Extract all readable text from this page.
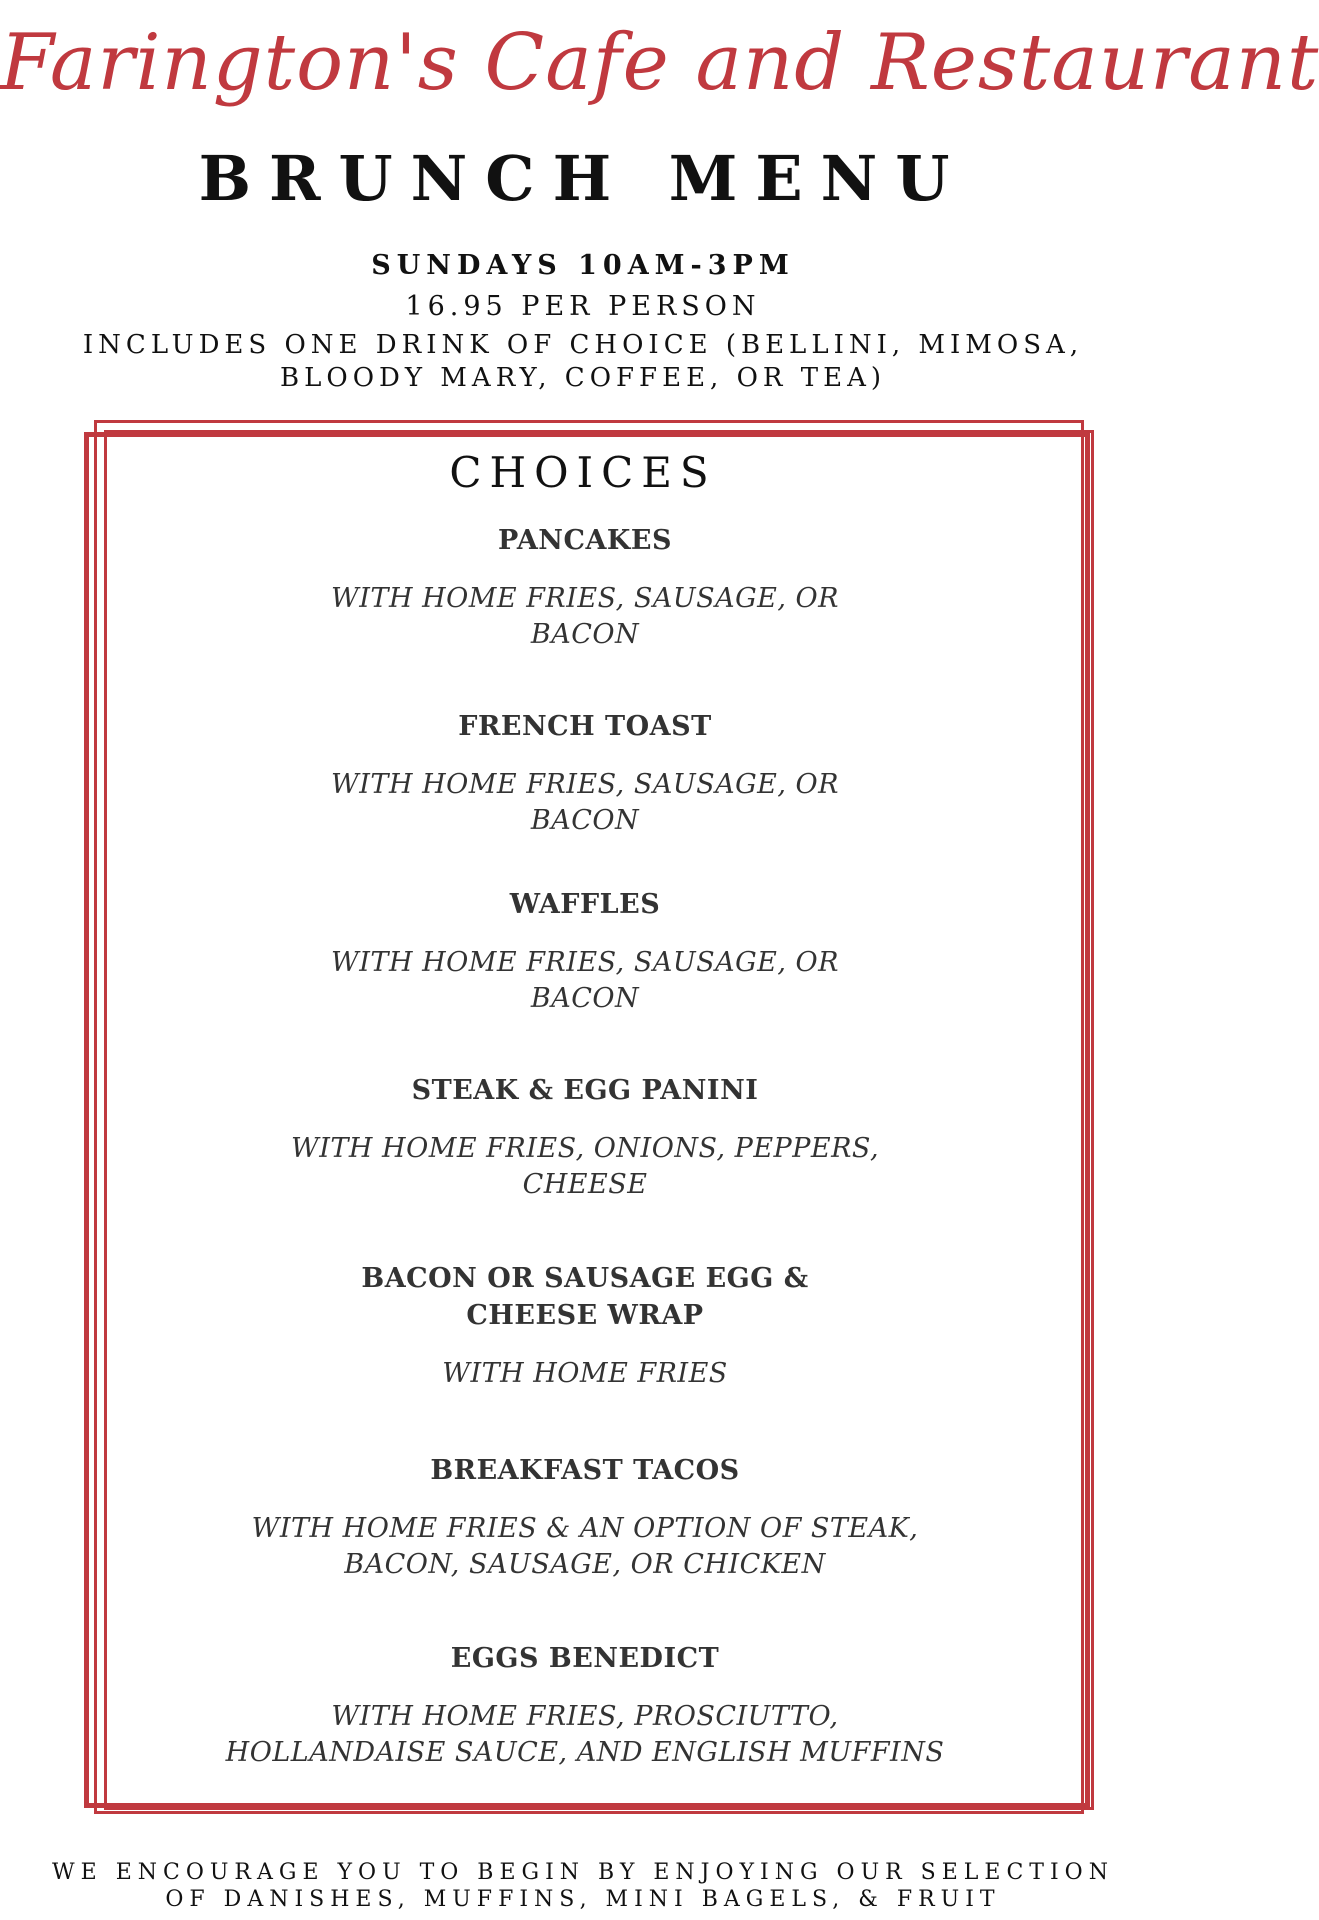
Farington's Cafe and Restaurant
BRUNCH MENU
SUNDAYS 10AM-3PM
16.95 PER PERSON
INCLUDES ONE DRINK OF CHOICE (BELLINI, MIMOSA,
BLOODY MARY, COFFEE, OR TEA)
CHOICES
PANCAKES
WITH HOME FRIES, SAUSAGE, OR
BACON
FRENCH TOAST
WITH HOME FRIES, SAUSAGE, OR
BACON
WAFFLES
WITH HOME FRIES, SAUSAGE, OR
BACON
STEAK & EGG PANINI
WITH HOME FRIES, ONIONS, PEPPERS,
CHEESE
BACON OR SAUSAGE EGG &
CHEESE WRAP
WITH HOME FRIES
BREAKFAST TACOS
WITH HOME FRIES & AN OPTION OF STEAK,
BACON, SAUSAGE, OR CHICKEN
EGGS BENEDICT
WITH HOME FRIES, PROSCIUTTO,
HOLLANDAISE SAUCE, AND ENGLISH MUFFINS
WE ENCOURAGE YOU TO BEGIN BY ENJOYING OUR SELECTION
OF DANISHES, MUFFINS, MINI BAGELS, & FRUIT
